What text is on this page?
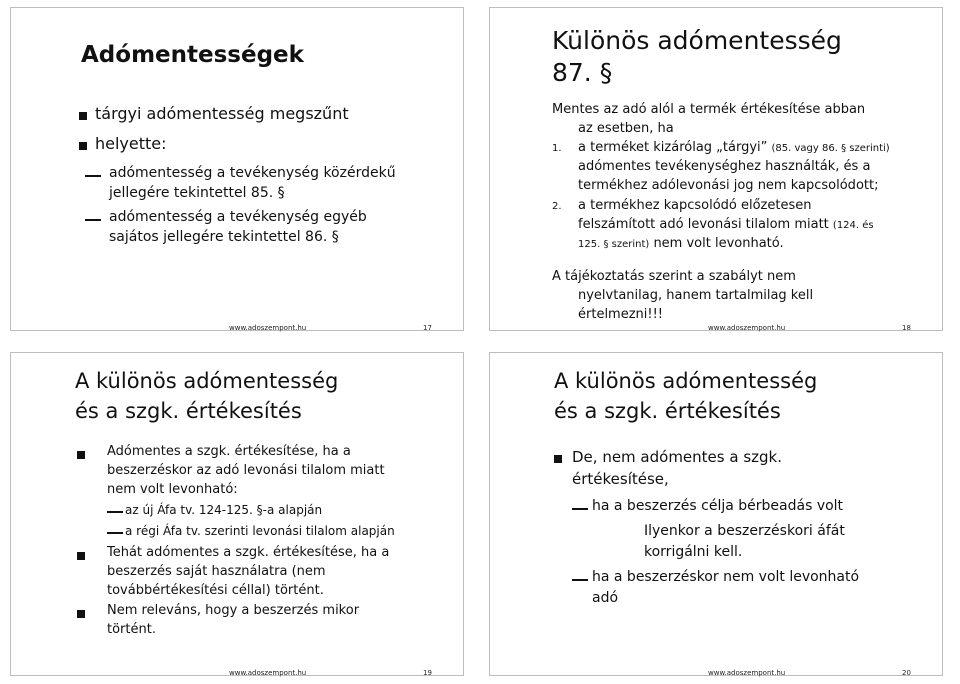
Adómentességek
tárgyi adómentesség megszűnt
helyette:
adómentesség a tevékenység közérdekű
jellegére tekintettel 85. §
adómentesség a tevékenység egyéb
sajátos jellegére tekintettel 86. §
www.adoszempont.hu	17
Különös adómentesség
87. §
Mentes az adó alól a termék értékesítése abban
az esetben, ha
1. a terméket kizárólag „tárgyi” (85. vagy 86. § szerinti)
adómentes tevékenységhez használták, és a
termékhez adólevonási jog nem kapcsolódott;
2. a termékhez kapcsolódó előzetesen
felszámított adó levonási tilalom miatt (124. és
125. § szerint) nem volt levonható.
A tájékoztatás szerint a szabályt nem
nyelvtanilag, hanem tartalmilag kell
értelmezni!!!
www.adoszempont.hu	18
A különös adómentesség
és a szgk. értékesítés
Adómentes a szgk. értékesítése, ha a
beszerzéskor az adó levonási tilalom miatt
nem volt levonható:
az új Áfa tv. 124-125. §-a alapján
a régi Áfa tv. szerinti levonási tilalom alapján
Tehát adómentes a szgk. értékesítése, ha a
beszerzés saját használatra (nem
továbbértékesítési céllal) történt.
Nem releváns, hogy a beszerzés mikor
történt.
www.adoszempont.hu	19
A különös adómentesség
és a szgk. értékesítés
De, nem adómentes a szgk.
értékesítése,
ha a beszerzés célja bérbeadás volt
Ilyenkor a beszerzéskori áfát
korrigálni kell.
ha a beszerzéskor nem volt levonható
adó
www.adoszempont.hu	20
